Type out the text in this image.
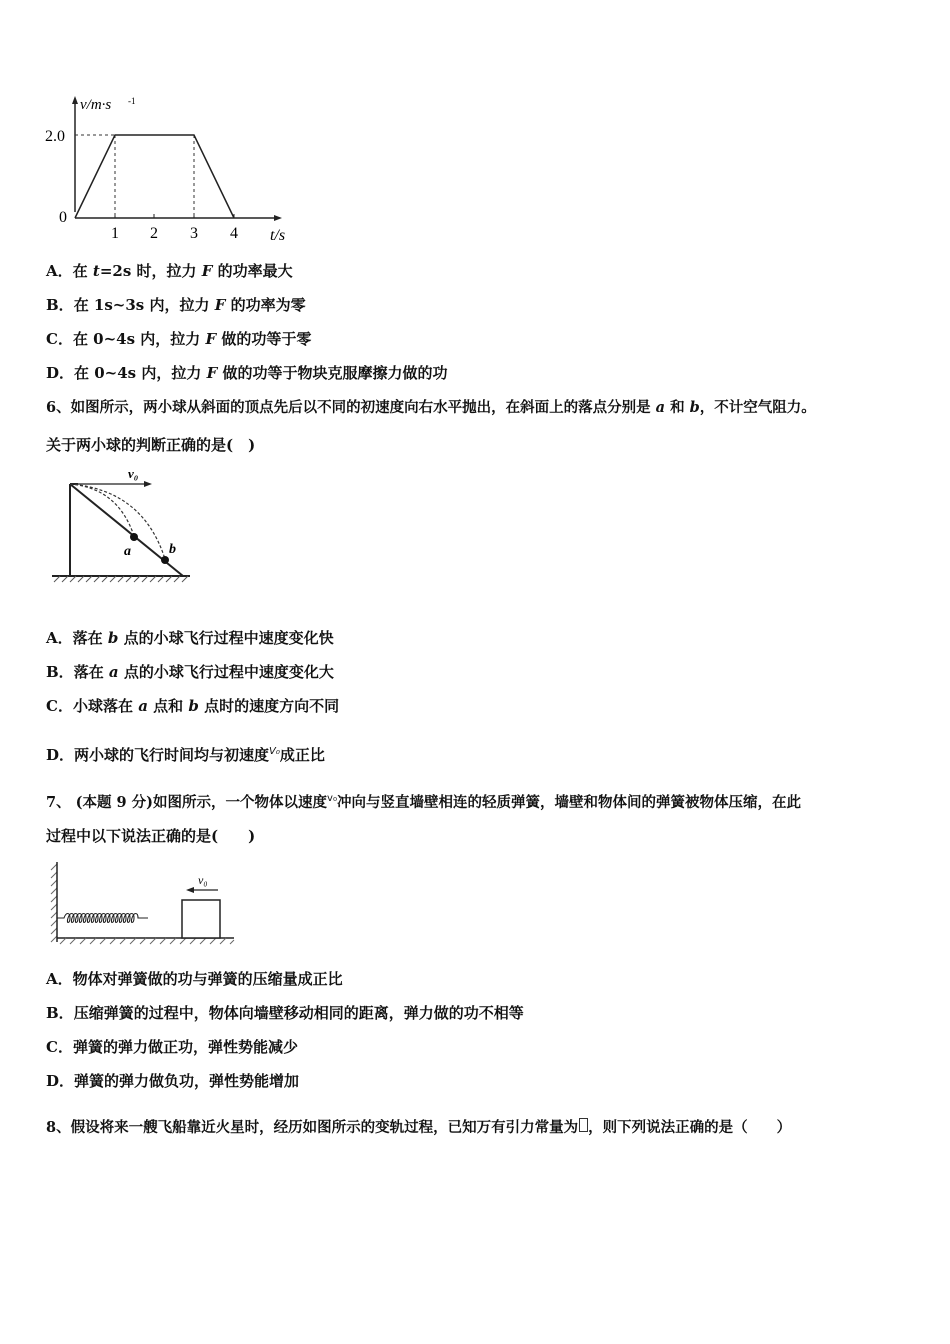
v/m·s -1
2.0
0
1 2 3 4 t/s
A．在 t=2s 时，拉力 F 的功率最大
B．在 1s~3s 内，拉力 F 的功率为零
C．在 0~4s 内，拉力 F 做的功等于零
D．在 0~4s 内，拉力 F 做的功等于物块克服摩擦力做的功
6、如图所示，两小球从斜面的顶点先后以不同的初速度向右水平抛出，在斜面上的落点分别是 a 和 b，不计空气阻力。
关于两小球的判断正确的是(　)
v₀
a	b
A．落在 b 点的小球飞行过程中速度变化快
B．落在 a 点的小球飞行过程中速度变化大
C．小球落在 a 点和 b 点时的速度方向不同
D．两小球的飞行时间均与初速度$^{V_0}$成正比
7、 (本题 9 分)如图所示，一个物体以速度$^{v_0}$冲向与竖直墙壁相连的轻质弹簧，墙壁和物体间的弹簧被物体压缩，在此
过程中以下说法正确的是(　　)
v₀
A．物体对弹簧做的功与弹簧的压缩量成正比
B．压缩弹簧的过程中，物体向墙壁移动相同的距离，弹力做的功不相等
C．弹簧的弹力做正功，弹性势能减少
D．弹簧的弹力做负功，弹性势能增加
8、假设将来一艘飞船靠近火星时，经历如图所示的变轨过程，已知万有引力常量为 ，则下列说法正确的是（　　）
